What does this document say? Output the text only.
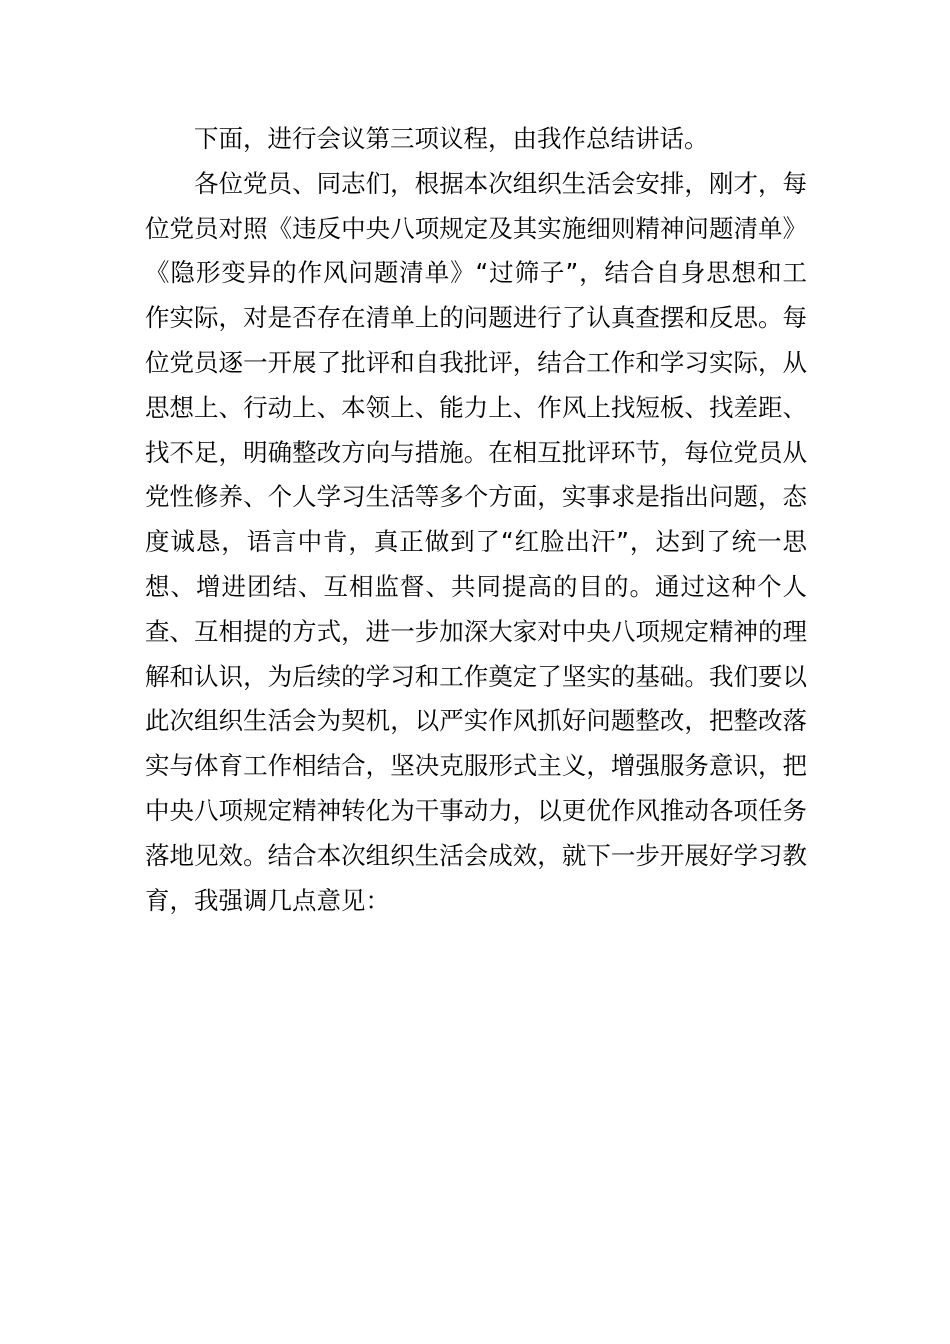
下面，进行会议第三项议程，由我作总结讲话。

各位党员、同志们，根据本次组织生活会安排，刚才，每位党员对照《违反中央八项规定及其实施细则精神问题清单》《隐形变异的作风问题清单》“过筛子”，结合自身思想和工作实际，对是否存在清单上的问题进行了认真查摆和反思。每位党员逐一开展了批评和自我批评，结合工作和学习实际，从思想上、行动上、本领上、能力上、作风上找短板、找差距、找不足，明确整改方向与措施。在相互批评环节，每位党员从党性修养、个人学习生活等多个方面，实事求是指出问题，态度诚恳，语言中肯，真正做到了“红脸出汗”，达到了统一思想、增进团结、互相监督、共同提高的目的。通过这种个人查、互相提的方式，进一步加深大家对中央八项规定精神的理解和认识，为后续的学习和工作奠定了坚实的基础。我们要以此次组织生活会为契机，以严实作风抓好问题整改，把整改落实与体育工作相结合，坚决克服形式主义，增强服务意识，把中央八项规定精神转化为干事动力，以更优作风推动各项任务落地见效。结合本次组织生活会成效，就下一步开展好学习教育，我强调几点意见：
